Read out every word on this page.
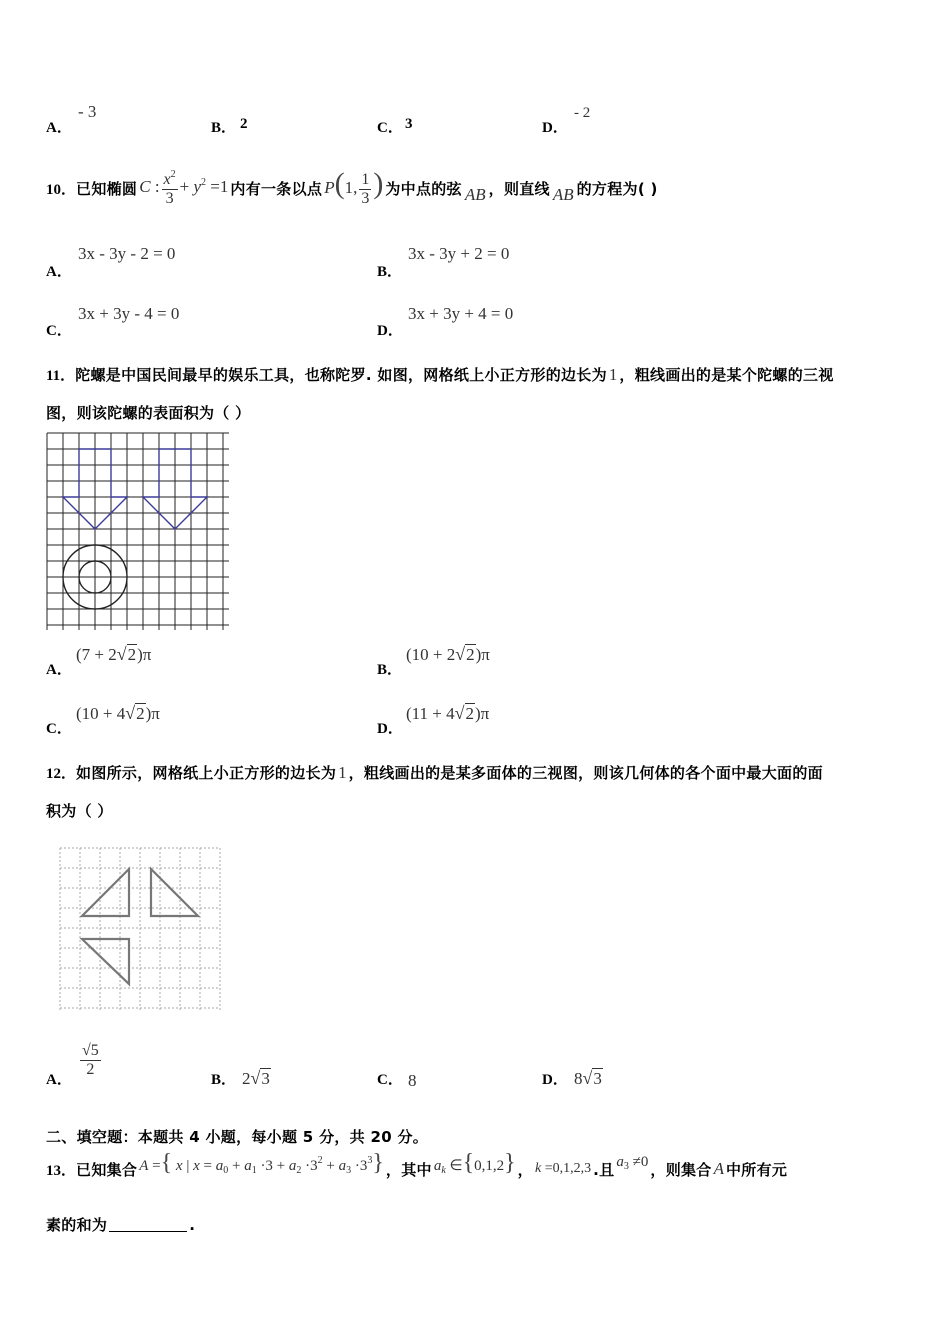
A．
- 3
B． 2	C． 3	D．
- 2
10． 已知椭圆 C : $\frac{x^2}{3} + y^2 =1$ 内有一条以点 P(1, $\frac{1}{3}$ ) 为中点的弦 AB ，则直线 AB 的方程为( )
A．
3x - 3y - 2 = 0
B．
3x - 3y + 2 = 0
C．
3x + 3y - 4 = 0
D．
3x + 3y + 4 = 0
11． 陀螺是中国民间最早的娱乐工具，也称陀罗. 如图，网格纸上小正方形的边长为 1 ，粗线画出的是某个陀螺的三视
图，则该陀螺的表面积为（ ）
A．
(7 + 2 √ 2 )π
B．
(10 + 2 √ 2 )π
C．
(10 + 4 √ 2 )π
D．
(11 + 4 √ 2 )π
12． 如图所示，网格纸上小正方形的边长为 1 ，粗线画出的是某多面体的三视图，则该几何体的各个面中最大面的面
积为（ ）
A．
$\frac{√5}{2}$
B． 2 √ 3	C． 8	D． 8 √ 3
二、填空题：本题共 4 小题，每小题 5 分，共 20 分。
13． 已知集合 A ={ x | $x = a_0 + a_1 \cdot 3 + a_2 \cdot 3^2 + a_3 \cdot 3^3$} ，其中 $a_k$ ∈{0,1,2} ， k =0,1,2,3 .且 $a_3 \ne 0$ ，则集合 A 中所有元
素的和为	.
